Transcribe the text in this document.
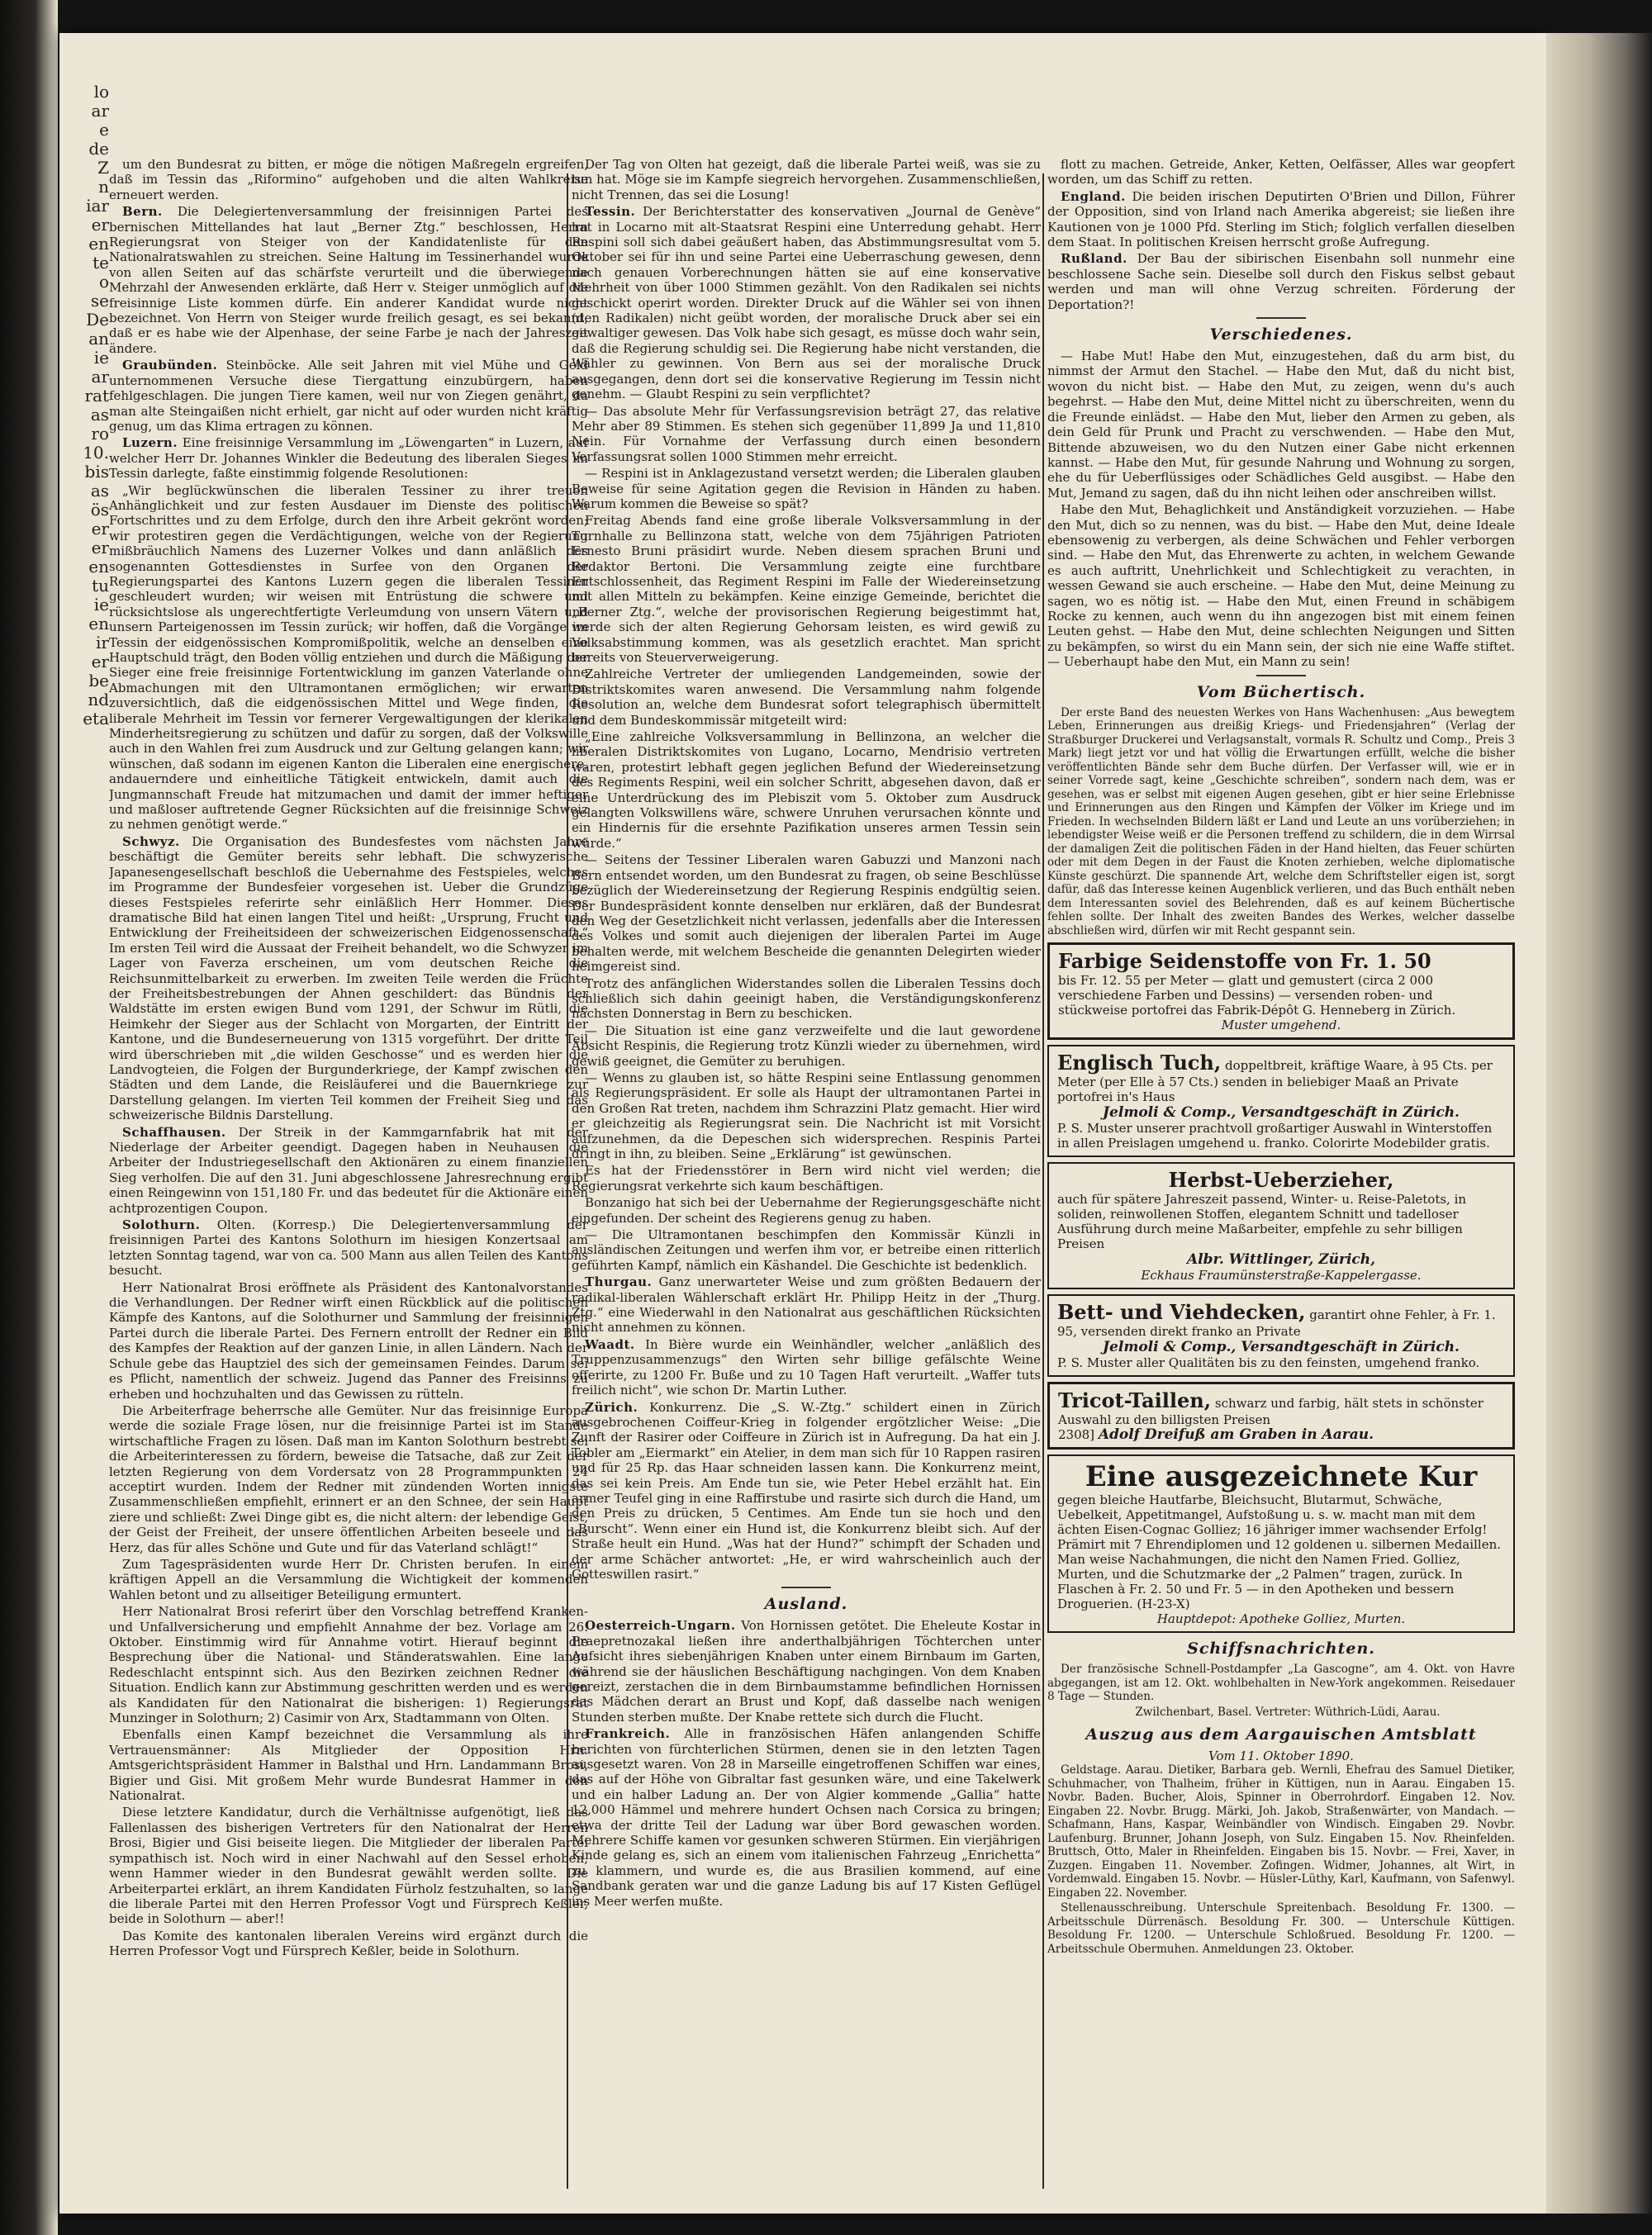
lo
ar
e
de
Z
n
iar
er
en
te
o
se
De
an
ie
ar
rat
as
ro
10.
bis
as
ös
er
er
en
tu
ie
en
ir
er
be
nd
eta

um den Bundesrat zu bitten, er möge die nötigen Maßregeln ergreifen, daß im Tessin das „Riformino“ aufgehoben und die alten Wahlkreise erneuert werden.

Bern. Die Delegiertenversammlung der freisinnigen Partei des bernischen Mittellandes hat laut „Berner Ztg.“ beschlossen, Herrn Regierungsrat von Steiger von der Kandidatenliste für den Nationalratswahlen zu streichen. Seine Haltung im Tessinerhandel wurde von allen Seiten auf das schärfste verurteilt und die überwiegende Mehrzahl der Anwesenden erklärte, daß Herr v. Steiger unmöglich auf die freisinnige Liste kommen dürfe. Ein anderer Kandidat wurde nicht bezeichnet. Von Herrn von Steiger wurde freilich gesagt, es sei bekannt, daß er es habe wie der Alpenhase, der seine Farbe je nach der Jahreszeit ändere.

Graubünden. Steinböcke. Alle seit Jahren mit viel Mühe und Geld unternommenen Versuche diese Tiergattung einzubürgern, haben fehlgeschlagen. Die jungen Tiere kamen, weil nur von Ziegen genährt, da man alte Steingaißen nicht erhielt, gar nicht auf oder wurden nicht kräftig genug, um das Klima ertragen zu können.

Luzern. Eine freisinnige Versammlung im „Löwengarten“ in Luzern, auf welcher Herr Dr. Johannes Winkler die Bedeutung des liberalen Sieges im Tessin darlegte, faßte einstimmig folgende Resolutionen:

„Wir beglückwünschen die liberalen Tessiner zu ihrer treuen Anhänglichkeit und zur festen Ausdauer im Dienste des politischen Fortschrittes und zu dem Erfolge, durch den ihre Arbeit gekrönt worden; wir protestiren gegen die Verdächtigungen, welche von der Regierung mißbräuchlich Namens des Luzerner Volkes und dann anläßlich des sogenannten Gottesdienstes in Surfee von den Organen der Regierungspartei des Kantons Luzern gegen die liberalen Tessiner geschleudert wurden; wir weisen mit Entrüstung die schwere und rücksichtslose als ungerechtfertigte Verleumdung von unsern Vätern und unsern Parteigenossen im Tessin zurück; wir hoffen, daß die Vorgänge im Tessin der eidgenössischen Kompromißpolitik, welche an denselben eine Hauptschuld trägt, den Boden völlig entziehen und durch die Mäßigung der Sieger eine freie freisinnige Fortentwicklung im ganzen Vaterlande ohne Abmachungen mit den Ultramontanen ermöglichen; wir erwarten zuversichtlich, daß die eidgenössischen Mittel und Wege finden, die liberale Mehrheit im Tessin vor fernerer Vergewaltigungen der klerikalen Minderheitsregierung zu schützen und dafür zu sorgen, daß der Volkswille auch in den Wahlen frei zum Ausdruck und zur Geltung gelangen kann; wir wünschen, daß sodann im eigenen Kanton die Liberalen eine energischere, andauerndere und einheitliche Tätigkeit entwickeln, damit auch die Jungmannschaft Freude hat mitzumachen und damit der immer heftiger und maßloser auftretende Gegner Rücksichten auf die freisinnige Schweiz zu nehmen genötigt werde.“

Schwyz. Die Organisation des Bundesfestes vom nächsten Jahre beschäftigt die Gemüter bereits sehr lebhaft. Die schwyzerische Japanesengesellschaft beschloß die Uebernahme des Festspieles, welches im Programme der Bundesfeier vorgesehen ist. Ueber die Grundzüge dieses Festspieles referirte sehr einläßlich Herr Hommer. Dieses dramatische Bild hat einen langen Titel und heißt: „Ursprung, Frucht und Entwicklung der Freiheitsideen der schweizerischen Eidgenossenschaft.“ Im ersten Teil wird die Aussaat der Freiheit behandelt, wo die Schwyzer im Lager von Faverza erscheinen, um vom deutschen Reiche die Reichsunmittelbarkeit zu erwerben. Im zweiten Teile werden die Früchte der Freiheitsbestrebungen der Ahnen geschildert: das Bündnis der Waldstätte im ersten ewigen Bund vom 1291, der Schwur im Rütli, die Heimkehr der Sieger aus der Schlacht von Morgarten, der Eintritt der Kantone, und die Bundeserneuerung von 1315 vorgeführt. Der dritte Teil wird überschrieben mit „die wilden Geschosse“ und es werden hier die Landvogteien, die Folgen der Burgunderkriege, der Kampf zwischen den Städten und dem Lande, die Reisläuferei und die Bauernkriege zur Darstellung gelangen. Im vierten Teil kommen der Freiheit Sieg und das schweizerische Bildnis Darstellung.

Schaffhausen. Der Streik in der Kammgarnfabrik hat mit der Niederlage der Arbeiter geendigt. Dagegen haben in Neuhausen die Arbeiter der Industriegesellschaft den Aktionären zu einem finanziellen Sieg verholfen. Die auf den 31. Juni abgeschlossene Jahresrechnung ergibt einen Reingewinn von 151,180 Fr. und das bedeutet für die Aktionäre einen achtprozentigen Coupon.

Solothurn. Olten. (Korresp.) Die Delegiertenversammlung der freisinnigen Partei des Kantons Solothurn im hiesigen Konzertsaal am letzten Sonntag tagend, war von ca. 500 Mann aus allen Teilen des Kantons besucht.

Herr Nationalrat Brosi eröffnete als Präsident des Kantonalvorstandes die Verhandlungen. Der Redner wirft einen Rückblick auf die politischen Kämpfe des Kantons, auf die Solothurner und Sammlung der freisinnigen Partei durch die liberale Partei. Des Fernern entrollt der Redner ein Bild des Kampfes der Reaktion auf der ganzen Linie, in allen Ländern. Nach der Schule gebe das Hauptziel des sich der gemeinsamen Feindes. Darum sei es Pflicht, namentlich der schweiz. Jugend das Panner des Freisinns zu erheben und hochzuhalten und das Gewissen zu rütteln.

Die Arbeiterfrage beherrsche alle Gemüter. Nur das freisinnige Europa werde die soziale Frage lösen, nur die freisinnige Partei ist im Stande wirtschaftliche Fragen zu lösen. Daß man im Kanton Solothurn bestrebt sei die Arbeiterinteressen zu fördern, beweise die Tatsache, daß zur Zeit der letzten Regierung von dem Vordersatz von 28 Programmpunkten 24 acceptirt wurden. Indem der Redner mit zündenden Worten innigste Zusammenschließen empfiehlt, erinnert er an den Schnee, der sein Haupt ziere und schließt: Zwei Dinge gibt es, die nicht altern: der lebendige Geist, der Geist der Freiheit, der unsere öffentlichen Arbeiten beseele und das Herz, das für alles Schöne und Gute und für das Vaterland schlägt!“

Zum Tagespräsidenten wurde Herr Dr. Christen berufen. In einem kräftigen Appell an die Versammlung die Wichtigkeit der kommenden Wahlen betont und zu allseitiger Beteiligung ermuntert.

Herr Nationalrat Brosi referirt über den Vorschlag betreffend Kranken- und Unfallversicherung und empfiehlt Annahme der bez. Vorlage am 26. Oktober. Einstimmig wird für Annahme votirt. Hierauf beginnt die Besprechung über die National- und Ständeratswahlen. Eine lange Redeschlacht entspinnt sich. Aus den Bezirken zeichnen Redner die Situation. Endlich kann zur Abstimmung geschritten werden und es werden als Kandidaten für den Nationalrat die bisherigen: 1) Regierungsrat Munzinger in Solothurn; 2) Casimir von Arx, Stadtammann von Olten.

Ebenfalls einen Kampf bezeichnet die Versammlung als ihre Vertrauensmänner: Als Mitglieder der Opposition Hrn. Amtsgerichtspräsident Hammer in Balsthal und Hrn. Landammann Brosi, Bigier und Gisi. Mit großem Mehr wurde Bundesrat Hammer in den Nationalrat.

Diese letztere Kandidatur, durch die Verhältnisse aufgenötigt, ließ das Fallenlassen des bisherigen Vertreters für den Nationalrat der Herren Brosi, Bigier und Gisi beiseite liegen. Die Mitglieder der liberalen Partei sympathisch ist. Noch wird in einer Nachwahl auf den Sessel erhoben, wenn Hammer wieder in den Bundesrat gewählt werden sollte. Die Arbeiterpartei erklärt, an ihrem Kandidaten Fürholz festzuhalten, so lange die liberale Partei mit den Herren Professor Vogt und Fürsprech Keßler, beide in Solothurn — aber!!

Das Komite des kantonalen liberalen Vereins wird ergänzt durch die Herren Professor Vogt und Fürsprech Keßler, beide in Solothurn.

Der Tag von Olten hat gezeigt, daß die liberale Partei weiß, was sie zu tun hat. Möge sie im Kampfe siegreich hervorgehen. Zusammenschließen, nicht Trennen, das sei die Losung!

Tessin. Der Berichterstatter des konservativen „Journal de Genève“ hat in Locarno mit alt-Staatsrat Respini eine Unterredung gehabt. Herr Respini soll sich dabei geäußert haben, das Abstimmungsresultat vom 5. Oktober sei für ihn und seine Partei eine Ueberraschung gewesen, denn nach genauen Vorberechnungen hätten sie auf eine konservative Mehrheit von über 1000 Stimmen gezählt. Von den Radikalen sei nichts geschickt operirt worden. Direkter Druck auf die Wähler sei von ihnen (den Radikalen) nicht geübt worden, der moralische Druck aber sei ein gewaltiger gewesen. Das Volk habe sich gesagt, es müsse doch wahr sein, daß die Regierung schuldig sei. Die Regierung habe nicht verstanden, die Wähler zu gewinnen. Von Bern aus sei der moralische Druck ausgegangen, denn dort sei die konservative Regierung im Tessin nicht genehm. — Glaubt Respini zu sein verpflichtet?

— Das absolute Mehr für Verfassungsrevision beträgt 27, das relative Mehr aber 89 Stimmen. Es stehen sich gegenüber 11,899 Ja und 11,810 Nein. Für Vornahme der Verfassung durch einen besondern Verfassungsrat sollen 1000 Stimmen mehr erreicht.

— Respini ist in Anklagezustand versetzt werden; die Liberalen glauben Beweise für seine Agitation gegen die Revision in Händen zu haben. Warum kommen die Beweise so spät?

Freitag Abends fand eine große liberale Volksversammlung in der Turnhalle zu Bellinzona statt, welche von dem 75jährigen Patrioten Ernesto Bruni präsidirt wurde. Neben diesem sprachen Bruni und Redaktor Bertoni. Die Versammlung zeigte eine furchtbare Entschlossenheit, das Regiment Respini im Falle der Wiedereinsetzung mit allen Mitteln zu bekämpfen. Keine einzige Gemeinde, berichtet die „Berner Ztg.“, welche der provisorischen Regierung beigestimmt hat, werde sich der alten Regierung Gehorsam leisten, es wird gewiß zu Volksabstimmung kommen, was als gesetzlich erachtet. Man spricht bereits von Steuerverweigerung.

Zahlreiche Vertreter der umliegenden Landgemeinden, sowie der Distriktskomites waren anwesend. Die Versammlung nahm folgende Resolution an, welche dem Bundesrat sofort telegraphisch übermittelt und dem Bundeskommissär mitgeteilt wird:

„Eine zahlreiche Volksversammlung in Bellinzona, an welcher die liberalen Distriktskomites von Lugano, Locarno, Mendrisio vertreten waren, protestirt lebhaft gegen jeglichen Befund der Wiedereinsetzung des Regiments Respini, weil ein solcher Schritt, abgesehen davon, daß er eine Unterdrückung des im Plebiszit vom 5. Oktober zum Ausdruck gelangten Volkswillens wäre, schwere Unruhen verursachen könnte und ein Hindernis für die ersehnte Pazifikation unseres armen Tessin sein würde.“

— Seitens der Tessiner Liberalen waren Gabuzzi und Manzoni nach Bern entsendet worden, um den Bundesrat zu fragen, ob seine Beschlüsse bezüglich der Wiedereinsetzung der Regierung Respinis endgültig seien. Der Bundespräsident konnte denselben nur erklären, daß der Bundesrat den Weg der Gesetzlichkeit nicht verlassen, jedenfalls aber die Interessen des Volkes und somit auch diejenigen der liberalen Partei im Auge behalten werde, mit welchem Bescheide die genannten Delegirten wieder heimgereist sind.

Trotz des anfänglichen Widerstandes sollen die Liberalen Tessins doch schließlich sich dahin geeinigt haben, die Verständigungskonferenz nächsten Donnerstag in Bern zu beschicken.

— Die Situation ist eine ganz verzweifelte und die laut gewordene Absicht Respinis, die Regierung trotz Künzli wieder zu übernehmen, wird gewiß geeignet, die Gemüter zu beruhigen.

— Wenns zu glauben ist, so hätte Respini seine Entlassung genommen als Regierungspräsident. Er solle als Haupt der ultramontanen Partei in den Großen Rat treten, nachdem ihm Schrazzini Platz gemacht. Hier wird er gleichzeitig als Regierungsrat sein. Die Nachricht ist mit Vorsicht aufzunehmen, da die Depeschen sich widersprechen. Respinis Partei dringt in ihn, zu bleiben. Seine „Erklärung“ ist gewünschen.

Es hat der Friedensstörer in Bern wird nicht viel werden; die Regierungsrat verkehrte sich kaum beschäftigen.

Bonzanigo hat sich bei der Uebernahme der Regierungsgeschäfte nicht eingefunden. Der scheint des Regierens genug zu haben.

— Die Ultramontanen beschimpfen den Kommissär Künzli in ausländischen Zeitungen und werfen ihm vor, er betreibe einen ritterlich geführten Kampf, nämlich ein Käshandel. Die Geschichte ist bedenklich.

Thurgau. Ganz unerwarteter Weise und zum größten Bedauern der radikal-liberalen Wählerschaft erklärt Hr. Philipp Heitz in der „Thurg. Ztg.“ eine Wiederwahl in den Nationalrat aus geschäftlichen Rücksichten nicht annehmen zu können.

Waadt. In Bière wurde ein Weinhändler, welcher „anläßlich des Truppenzusammenzugs“ den Wirten sehr billige gefälschte Weine offerirte, zu 1200 Fr. Buße und zu 10 Tagen Haft verurteilt. „Waffer tuts freilich nicht“, wie schon Dr. Martin Luther.

Zürich. Konkurrenz. Die „S. W.-Ztg.“ schildert einen in Zürich ausgebrochenen Coiffeur-Krieg in folgender ergötzlicher Weise: „Die Zunft der Rasirer oder Coiffeure in Zürich ist in Aufregung. Da hat ein J. Tobler am „Eiermarkt“ ein Atelier, in dem man sich für 10 Rappen rasiren und für 25 Rp. das Haar schneiden lassen kann. Die Konkurrenz meint, das sei kein Preis. Am Ende tun sie, wie Peter Hebel erzählt hat. Ein armer Teufel ging in eine Raffirstube und rasirte sich durch die Hand, um den Preis zu drücken, 5 Centimes. Am Ende tun sie hoch und den „Burscht“. Wenn einer ein Hund ist, die Konkurrenz bleibt sich. Auf der Straße heult ein Hund. „Was hat der Hund?“ schimpft der Schaden und der arme Schächer antwortet: „He, er wird wahrscheinlich auch der Gotteswillen rasirt.“

Ausland.

Oesterreich-Ungarn. Von Hornissen getötet. Die Eheleute Kostar in Praepretnozakal ließen ihre anderthalbjährigen Töchterchen unter Aufsicht ihres siebenjährigen Knaben unter einem Birnbaum im Garten, während sie der häuslichen Beschäftigung nachgingen. Von dem Knaben gereizt, zerstachen die in dem Birnbaumstamme befindlichen Hornissen das Mädchen derart an Brust und Kopf, daß dasselbe nach wenigen Stunden sterben mußte. Der Knabe rettete sich durch die Flucht.

Frankreich. Alle in französischen Häfen anlangenden Schiffe berichten von fürchterlichen Stürmen, denen sie in den letzten Tagen ausgesetzt waren. Von 28 in Marseille eingetroffenen Schiffen war eines, das auf der Höhe von Gibraltar fast gesunken wäre, und eine Takelwerk und ein halber Ladung an. Der von Algier kommende „Gallia“ hatte 12,000 Hämmel und mehrere hundert Ochsen nach Corsica zu bringen; etwa der dritte Teil der Ladung war über Bord gewaschen worden. Mehrere Schiffe kamen vor gesunken schweren Stürmen. Ein vierjährigen Kinde gelang es, sich an einem vom italienischen Fahrzeug „Enrichetta“ zu klammern, und wurde es, die aus Brasilien kommend, auf eine Sandbank geraten war und die ganze Ladung bis auf 17 Kisten Geflügel ins Meer werfen mußte.

flott zu machen. Getreide, Anker, Ketten, Oelfässer, Alles war geopfert worden, um das Schiff zu retten.

England. Die beiden irischen Deputirten O'Brien und Dillon, Führer der Opposition, sind von Irland nach Amerika abgereist; sie ließen ihre Kautionen von je 1000 Pfd. Sterling im Stich; folglich verfallen dieselben dem Staat. In politischen Kreisen herrscht große Aufregung.

Rußland. Der Bau der sibirischen Eisenbahn soll nunmehr eine beschlossene Sache sein. Dieselbe soll durch den Fiskus selbst gebaut werden und man will ohne Verzug schreiten. Förderung der Deportation?!

Verschiedenes.

— Habe Mut! Habe den Mut, einzugestehen, daß du arm bist, du nimmst der Armut den Stachel. — Habe den Mut, daß du nicht bist, wovon du nicht bist. — Habe den Mut, zu zeigen, wenn du's auch begehrst. — Habe den Mut, deine Mittel nicht zu überschreiten, wenn du die Freunde einlädst. — Habe den Mut, lieber den Armen zu geben, als dein Geld für Prunk und Pracht zu verschwenden. — Habe den Mut, Bittende abzuweisen, wo du den Nutzen einer Gabe nicht erkennen kannst. — Habe den Mut, für gesunde Nahrung und Wohnung zu sorgen, ehe du für Ueberflüssiges oder Schädliches Geld ausgibst. — Habe den Mut, Jemand zu sagen, daß du ihn nicht leihen oder anschreiben willst.

Habe den Mut, Behaglichkeit und Anständigkeit vorzuziehen. — Habe den Mut, dich so zu nennen, was du bist. — Habe den Mut, deine Ideale ebensowenig zu verbergen, als deine Schwächen und Fehler verborgen sind. — Habe den Mut, das Ehrenwerte zu achten, in welchem Gewande es auch auftritt, Unehrlichkeit und Schlechtigkeit zu verachten, in wessen Gewand sie auch erscheine. — Habe den Mut, deine Meinung zu sagen, wo es nötig ist. — Habe den Mut, einen Freund in schäbigem Rocke zu kennen, auch wenn du ihn angezogen bist mit einem feinen Leuten gehst. — Habe den Mut, deine schlechten Neigungen und Sitten zu bekämpfen, so wirst du ein Mann sein, der sich nie eine Waffe stiftet. — Ueberhaupt habe den Mut, ein Mann zu sein!

Vom Büchertisch.

Der erste Band des neuesten Werkes von Hans Wachenhusen: „Aus bewegtem Leben, Erinnerungen aus dreißig Kriegs- und Friedensjahren“ (Verlag der Straßburger Druckerei und Verlagsanstalt, vormals R. Schultz und Comp., Preis 3 Mark) liegt jetzt vor und hat völlig die Erwartungen erfüllt, welche die bisher veröffentlichten Bände sehr dem Buche dürfen. Der Verfasser will, wie er in seiner Vorrede sagt, keine „Geschichte schreiben“, sondern nach dem, was er gesehen, was er selbst mit eigenen Augen gesehen, gibt er hier seine Erlebnisse und Erinnerungen aus den Ringen und Kämpfen der Völker im Kriege und im Frieden. In wechselnden Bildern läßt er Land und Leute an uns vorüberziehen; in lebendigster Weise weiß er die Personen treffend zu schildern, die in dem Wirrsal der damaligen Zeit die politischen Fäden in der Hand hielten, das Feuer schürten oder mit dem Degen in der Faust die Knoten zerhieben, welche diplomatische Künste geschürzt. Die spannende Art, welche dem Schriftsteller eigen ist, sorgt dafür, daß das Interesse keinen Augenblick verlieren, und das Buch enthält neben dem Interessanten soviel des Belehrenden, daß es auf keinem Büchertische fehlen sollte. Der Inhalt des zweiten Bandes des Werkes, welcher dasselbe abschließen wird, dürfen wir mit Recht gespannt sein.

Farbige Seidenstoffe von Fr. 1. 50
bis Fr. 12. 55 per Meter — glatt und gemustert (circa 2 000 verschiedene Farben und Dessins) — versenden roben- und stückweise portofrei das Fabrik-Dépôt G. Henneberg in Zürich.
Muster umgehend.
Englisch Tuch, doppeltbreit, kräftige Waare, à 95 Cts. per Meter (per Elle à 57 Cts.) senden in beliebiger Maaß an Private portofrei in's Haus
Jelmoli & Comp., Versandtgeschäft in Zürich.
P. S. Muster unserer prachtvoll großartiger Auswahl in Winterstoffen in allen Preislagen umgehend u. franko. Colorirte Modebilder gratis.
Herbst-Ueberzieher,
auch für spätere Jahreszeit passend, Winter- u. Reise-Paletots, in soliden, reinwollenen Stoffen, elegantem Schnitt und tadelloser Ausführung durch meine Maßarbeiter, empfehle zu sehr billigen Preisen
Albr. Wittlinger, Zürich,
Eckhaus Fraumünsterstraße-Kappelergasse.
Bett- und Viehdecken, garantirt ohne Fehler, à Fr. 1. 95, versenden direkt franko an Private
Jelmoli & Comp., Versandtgeschäft in Zürich.
P. S. Muster aller Qualitäten bis zu den feinsten, umgehend franko.
Tricot-Taillen, schwarz und farbig, hält stets in schönster Auswahl zu den billigsten Preisen
2308] Adolf Dreifuß am Graben in Aarau.
Eine ausgezeichnete Kur
gegen bleiche Hautfarbe, Bleichsucht, Blutarmut, Schwäche, Uebelkeit, Appetitmangel, Aufstoßung u. s. w. macht man mit dem ächten Eisen-Cognac Golliez; 16 jähriger immer wachsender Erfolg! Prämirt mit 7 Ehrendiplomen und 12 goldenen u. silbernen Medaillen.
Man weise Nachahmungen, die nicht den Namen Fried. Golliez, Murten, und die Schutzmarke der „2 Palmen“ tragen, zurück. In Flaschen à Fr. 2. 50 und Fr. 5 — in den Apotheken und bessern Droguerien. (H-23-X)
Hauptdepot: Apotheke Golliez, Murten.
Schiffsnachrichten.

Der französische Schnell-Postdampfer „La Gascogne“, am 4. Okt. von Havre abgegangen, ist am 12. Okt. wohlbehalten in New-York angekommen. Reisedauer 8 Tage — Stunden.

Zwilchenbart, Basel. Vertreter: Wüthrich-Lüdi, Aarau.

Auszug aus dem Aargauischen Amtsblatt
Vom 11. Oktober 1890.

Geldstage. Aarau. Dietiker, Barbara geb. Wernli, Ehefrau des Samuel Dietiker, Schuhmacher, von Thalheim, früher in Küttigen, nun in Aarau. Eingaben 15. Novbr. Baden. Bucher, Alois, Spinner in Oberrohrdorf. Eingaben 12. Nov. Eingaben 22. Novbr. Brugg. Märki, Joh. Jakob, Straßenwärter, von Mandach. — Schafmann, Hans, Kaspar, Weinbändler von Windisch. Eingaben 29. Novbr. Laufenburg. Brunner, Johann Joseph, von Sulz. Eingaben 15. Nov. Rheinfelden. Bruttsch, Otto, Maler in Rheinfelden. Eingaben bis 15. Novbr. — Frei, Xaver, in Zuzgen. Eingaben 11. November. Zofingen. Widmer, Johannes, alt Wirt, in Vordemwald. Eingaben 15. Novbr. — Hüsler-Lüthy, Karl, Kaufmann, von Safenwyl. Eingaben 22. November.

Stellenausschreibung. Unterschule Spreitenbach. Besoldung Fr. 1300. — Arbeitsschule Dürrenäsch. Besoldung Fr. 300. — Unterschule Küttigen. Besoldung Fr. 1200. — Unterschule Schloßrued. Besoldung Fr. 1200. — Arbeitsschule Obermuhen. Anmeldungen 23. Oktober.
